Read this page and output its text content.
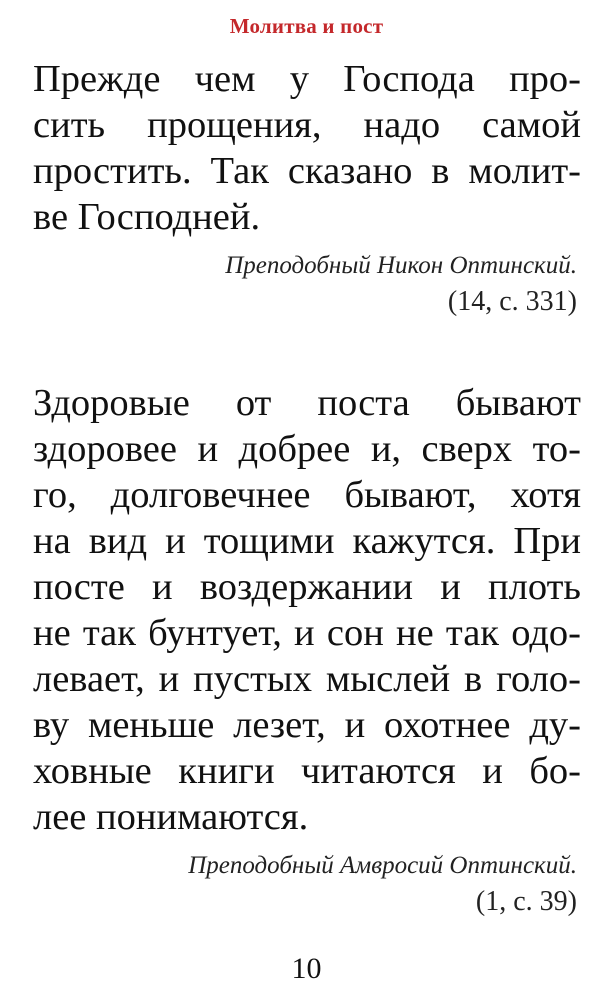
Молитва и пост
Прежде чем у Господа про-
сить прощения, надо самой
простить. Так сказано в молит-
ве Господней.
Преподобный Никон Оптинский.
(14, с. 331)
Здоровые от поста бывают
здоровее и добрее и, сверх то-
го, долговечнее бывают, хотя
на вид и тощими кажутся. При
посте и воздержании и плоть
не так бунтует, и сон не так одо-
левает, и пустых мыслей в голо-
ву меньше лезет, и охотнее ду-
ховные книги читаются и бо-
лее понимаются.
Преподобный Амвросий Оптинский.
(1, с. 39)
10
